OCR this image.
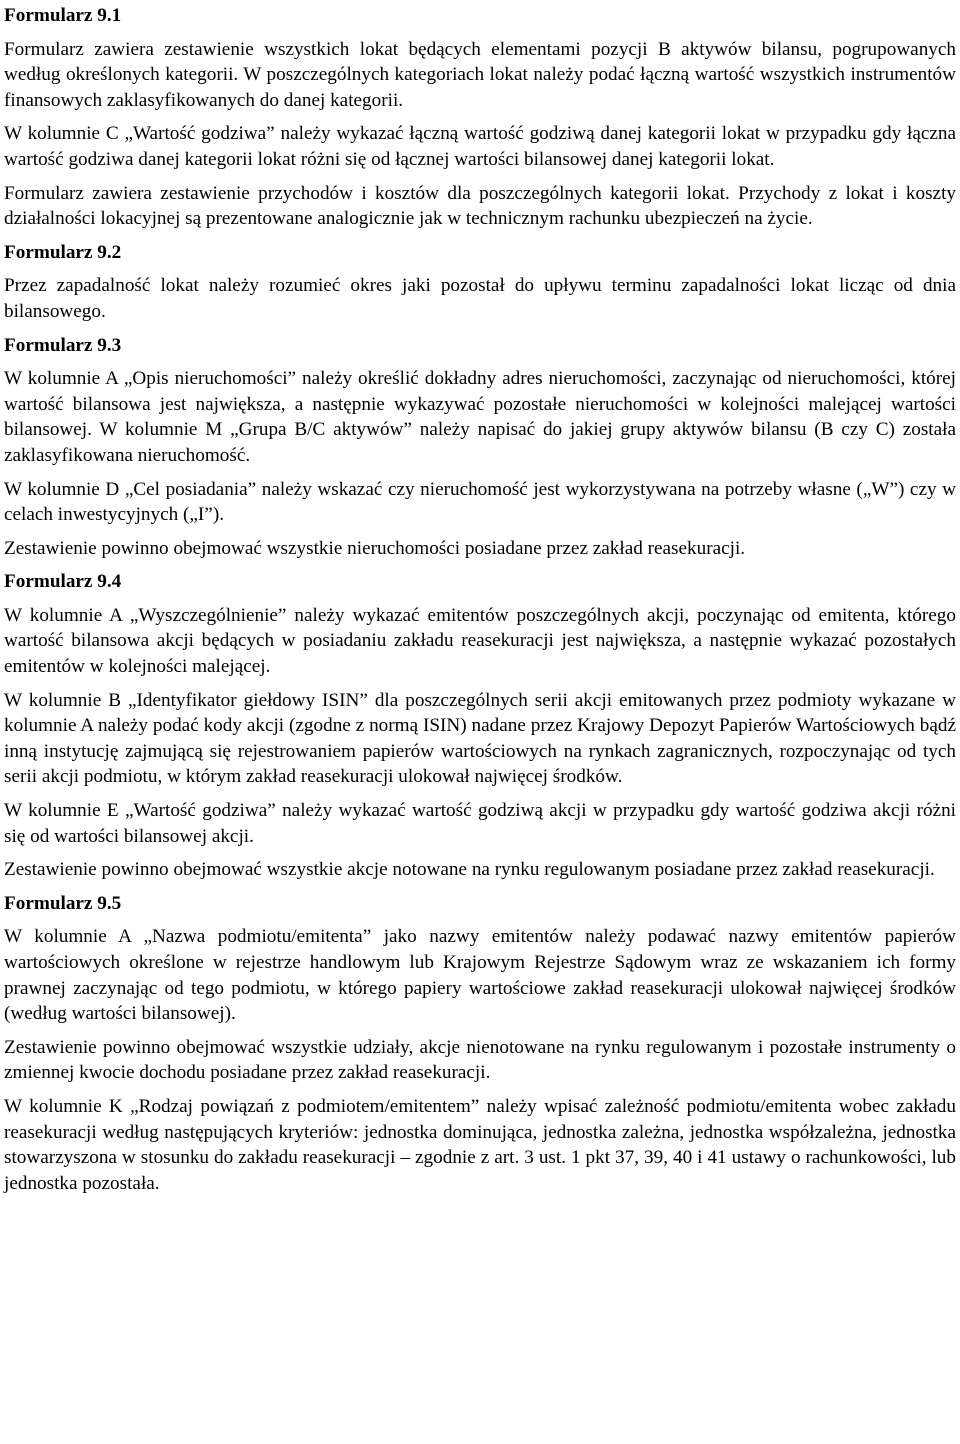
Formularz 9.1

Formularz zawiera zestawienie wszystkich lokat będących elementami pozycji B aktywów bilansu, pogrupowanych według określonych kategorii. W poszczególnych kategoriach lokat należy podać łączną wartość wszystkich instrumentów finansowych zaklasyfikowanych do danej kategorii.

W kolumnie C „Wartość godziwa” należy wykazać łączną wartość godziwą danej kategorii lokat w przypadku gdy łączna wartość godziwa danej kategorii lokat różni się od łącznej wartości bilansowej danej kategorii lokat.

Formularz zawiera zestawienie przychodów i kosztów dla poszczególnych kategorii lokat. Przychody z lokat i koszty działalności lokacyjnej są prezentowane analogicznie jak w technicznym rachunku ubezpieczeń na życie.

Formularz 9.2

Przez zapadalność lokat należy rozumieć okres jaki pozostał do upływu terminu zapadalności lokat licząc od dnia bilansowego.

Formularz 9.3

W kolumnie A „Opis nieruchomości” należy określić dokładny adres nieruchomości, zaczynając od nieruchomości, której wartość bilansowa jest największa, a następnie wykazywać pozostałe nieruchomości w kolejności malejącej wartości bilansowej. W kolumnie M „Grupa B/C aktywów” należy napisać do jakiej grupy aktywów bilansu (B czy C) została zaklasyfikowana nieruchomość.

W kolumnie D „Cel posiadania” należy wskazać czy nieruchomość jest wykorzystywana na potrzeby własne („W”) czy w celach inwestycyjnych („I”).

Zestawienie powinno obejmować wszystkie nieruchomości posiadane przez zakład reasekuracji.

Formularz 9.4

W kolumnie A „Wyszczególnienie” należy wykazać emitentów poszczególnych akcji, poczynając od emitenta, którego wartość bilansowa akcji będących w posiadaniu zakładu reasekuracji jest największa, a następnie wykazać pozostałych emitentów w kolejności malejącej.

W kolumnie B „Identyfikator giełdowy ISIN” dla poszczególnych serii akcji emitowanych przez podmioty wykazane w kolumnie A należy podać kody akcji (zgodne z normą ISIN) nadane przez Krajowy Depozyt Papierów Wartościowych bądź inną instytucję zajmującą się rejestrowaniem papierów wartościowych na rynkach zagranicznych, rozpoczynając od tych serii akcji podmiotu, w którym zakład reasekuracji ulokował najwięcej środków.

W kolumnie E „Wartość godziwa” należy wykazać wartość godziwą akcji w przypadku gdy wartość godziwa akcji różni się od wartości bilansowej akcji.

Zestawienie powinno obejmować wszystkie akcje notowane na rynku regulowanym posiadane przez zakład reasekuracji.

Formularz 9.5

W kolumnie A „Nazwa podmiotu/emitenta” jako nazwy emitentów należy podawać nazwy emitentów papierów wartościowych określone w rejestrze handlowym lub Krajowym Rejestrze Sądowym wraz ze wskazaniem ich formy prawnej zaczynając od tego podmiotu, w którego papiery wartościowe zakład reasekuracji ulokował najwięcej środków (według wartości bilansowej).

Zestawienie powinno obejmować wszystkie udziały, akcje nienotowane na rynku regulowanym i pozostałe instrumenty o zmiennej kwocie dochodu posiadane przez zakład reasekuracji.

W kolumnie K „Rodzaj powiązań z podmiotem/emitentem” należy wpisać zależność podmiotu/emitenta wobec zakładu reasekuracji według następujących kryteriów: jednostka dominująca, jednostka zależna, jednostka współzależna, jednostka stowarzyszona w stosunku do zakładu reasekuracji – zgodnie z art. 3 ust. 1 pkt 37, 39, 40 i 41 ustawy o rachunkowości, lub jednostka pozostała.
